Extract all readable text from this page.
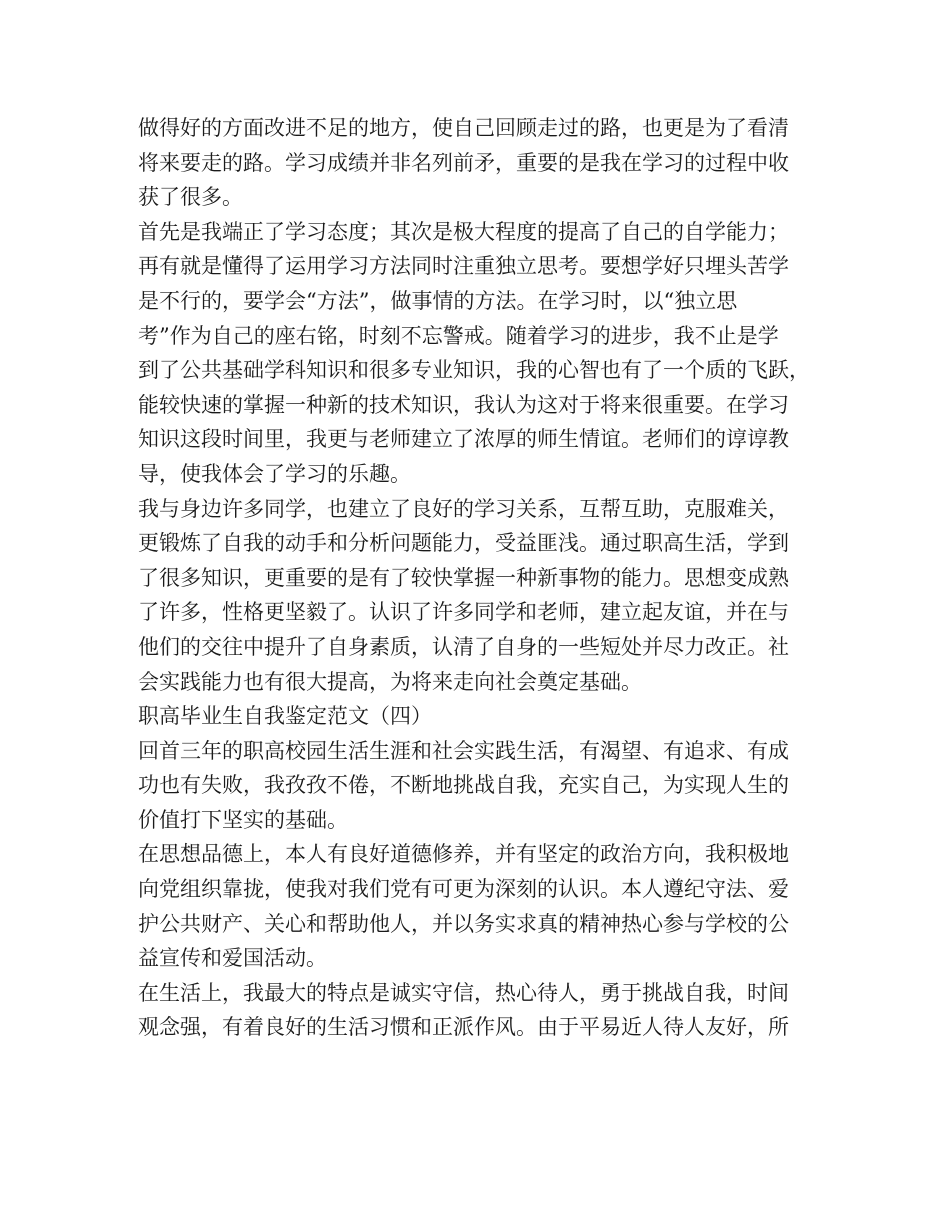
做得好的方面改进不足的地方，使自己回顾走过的路，也更是为了看清
将来要走的路。学习成绩并非名列前矛，重要的是我在学习的过程中收
获了很多。
首先是我端正了学习态度；其次是极大程度的提高了自己的自学能力；
再有就是懂得了运用学习方法同时注重独立思考。要想学好只埋头苦学
是不行的，要学会“方法”，做事情的方法。在学习时，以“独立思
考”作为自己的座右铭，时刻不忘警戒。随着学习的进步，我不止是学
到了公共基础学科知识和很多专业知识，我的心智也有了一个质的飞跃，
能较快速的掌握一种新的技术知识，我认为这对于将来很重要。在学习
知识这段时间里，我更与老师建立了浓厚的师生情谊。老师们的谆谆教
导，使我体会了学习的乐趣。
我与身边许多同学，也建立了良好的学习关系，互帮互助，克服难关，
更锻炼了自我的动手和分析问题能力，受益匪浅。通过职高生活，学到
了很多知识，更重要的是有了较快掌握一种新事物的能力。思想变成熟
了许多，性格更坚毅了。认识了许多同学和老师，建立起友谊，并在与
他们的交往中提升了自身素质，认清了自身的一些短处并尽力改正。社
会实践能力也有很大提高，为将来走向社会奠定基础。
职高毕业生自我鉴定范文（四）
回首三年的职高校园生活生涯和社会实践生活，有渴望、有追求、有成
功也有失败，我孜孜不倦，不断地挑战自我，充实自己，为实现人生的
价值打下坚实的基础。
在思想品德上，本人有良好道德修养，并有坚定的政治方向，我积极地
向党组织靠拢，使我对我们党有可更为深刻的认识。本人遵纪守法、爱
护公共财产、关心和帮助他人，并以务实求真的精神热心参与学校的公
益宣传和爱国活动。
在生活上，我最大的特点是诚实守信，热心待人，勇于挑战自我，时间
观念强，有着良好的生活习惯和正派作风。由于平易近人待人友好，所
